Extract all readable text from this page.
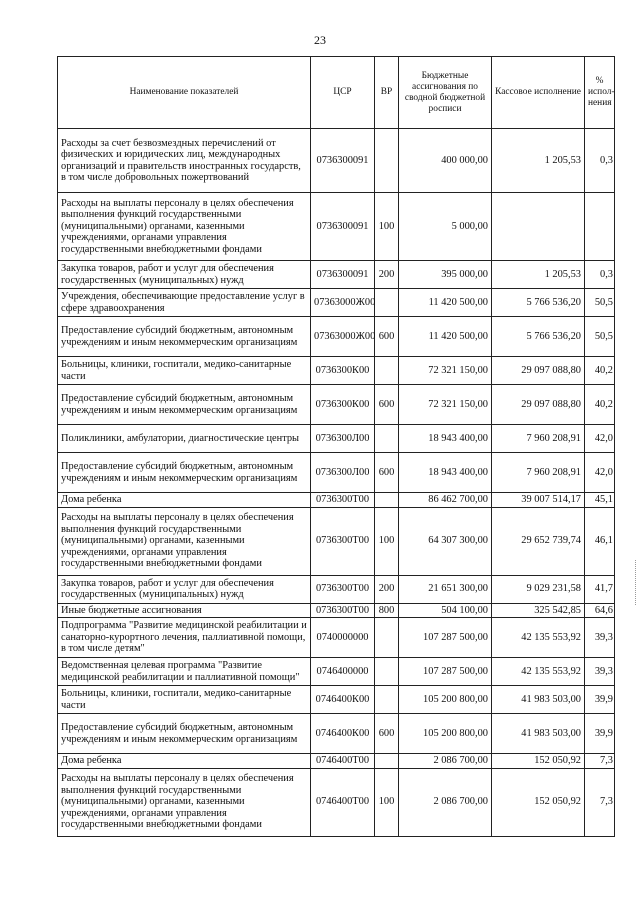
23
Наименование показателей	ЦСР	ВР	Бюджетные ассигнования по сводной бюджетной росписи	Кассовое исполнение	% испол-нения
Расходы за счет безвозмездных перечислений от физических и юридических лиц, международных организаций и правительств иностранных государств, в том числе добровольных пожертвований	0736300091		400 000,00	1 205,53	0,3
Расходы на выплаты персоналу в целях обеспечения выполнения функций государственными (муниципальными) органами, казенными учреждениями, органами управления государственными внебюджетными фондами	0736300091	100	5 000,00		
Закупка товаров, работ и услуг для обеспечения государственных (муниципальных) нужд	0736300091	200	395 000,00	1 205,53	0,3
Учреждения, обеспечивающие предоставление услуг в сфере здравоохранения	07363000Ж00		11 420 500,00	5 766 536,20	50,5
Предоставление субсидий бюджетным, автономным учреждениям и иным некоммерческим организациям	07363000Ж00	600	11 420 500,00	5 766 536,20	50,5
Больницы, клиники, госпитали, медико-санитарные части	0736300К00		72 321 150,00	29 097 088,80	40,2
Предоставление субсидий бюджетным, автономным учреждениям и иным некоммерческим организациям	0736300К00	600	72 321 150,00	29 097 088,80	40,2
Поликлиники, амбулатории, диагностические центры	0736300Л00		18 943 400,00	7 960 208,91	42,0
Предоставление субсидий бюджетным, автономным учреждениям и иным некоммерческим организациям	0736300Л00	600	18 943 400,00	7 960 208,91	42,0
Дома ребенка	0736300Т00		86 462 700,00	39 007 514,17	45,1
Расходы на выплаты персоналу в целях обеспечения выполнения функций государственными (муниципальными) органами, казенными учреждениями, органами управления государственными внебюджетными фондами	0736300Т00	100	64 307 300,00	29 652 739,74	46,1
Закупка товаров, работ и услуг для обеспечения государственных (муниципальных) нужд	0736300Т00	200	21 651 300,00	9 029 231,58	41,7
Иные бюджетные ассигнования	0736300Т00	800	504 100,00	325 542,85	64,6
Подпрограмма "Развитие медицинской реабилитации и санаторно-курортного лечения, паллиативной помощи, в том числе детям"	0740000000		107 287 500,00	42 135 553,92	39,3
Ведомственная целевая программа "Развитие медицинской реабилитации и паллиативной помощи"	0746400000		107 287 500,00	42 135 553,92	39,3
Больницы, клиники, госпитали, медико-санитарные части	0746400К00		105 200 800,00	41 983 503,00	39,9
Предоставление субсидий бюджетным, автономным учреждениям и иным некоммерческим организациям	0746400К00	600	105 200 800,00	41 983 503,00	39,9
Дома ребенка	0746400Т00		2 086 700,00	152 050,92	7,3
Расходы на выплаты персоналу в целях обеспечения выполнения функций государственными (муниципальными) органами, казенными учреждениями, органами управления государственными внебюджетными фондами	0746400Т00	100	2 086 700,00	152 050,92	7,3
